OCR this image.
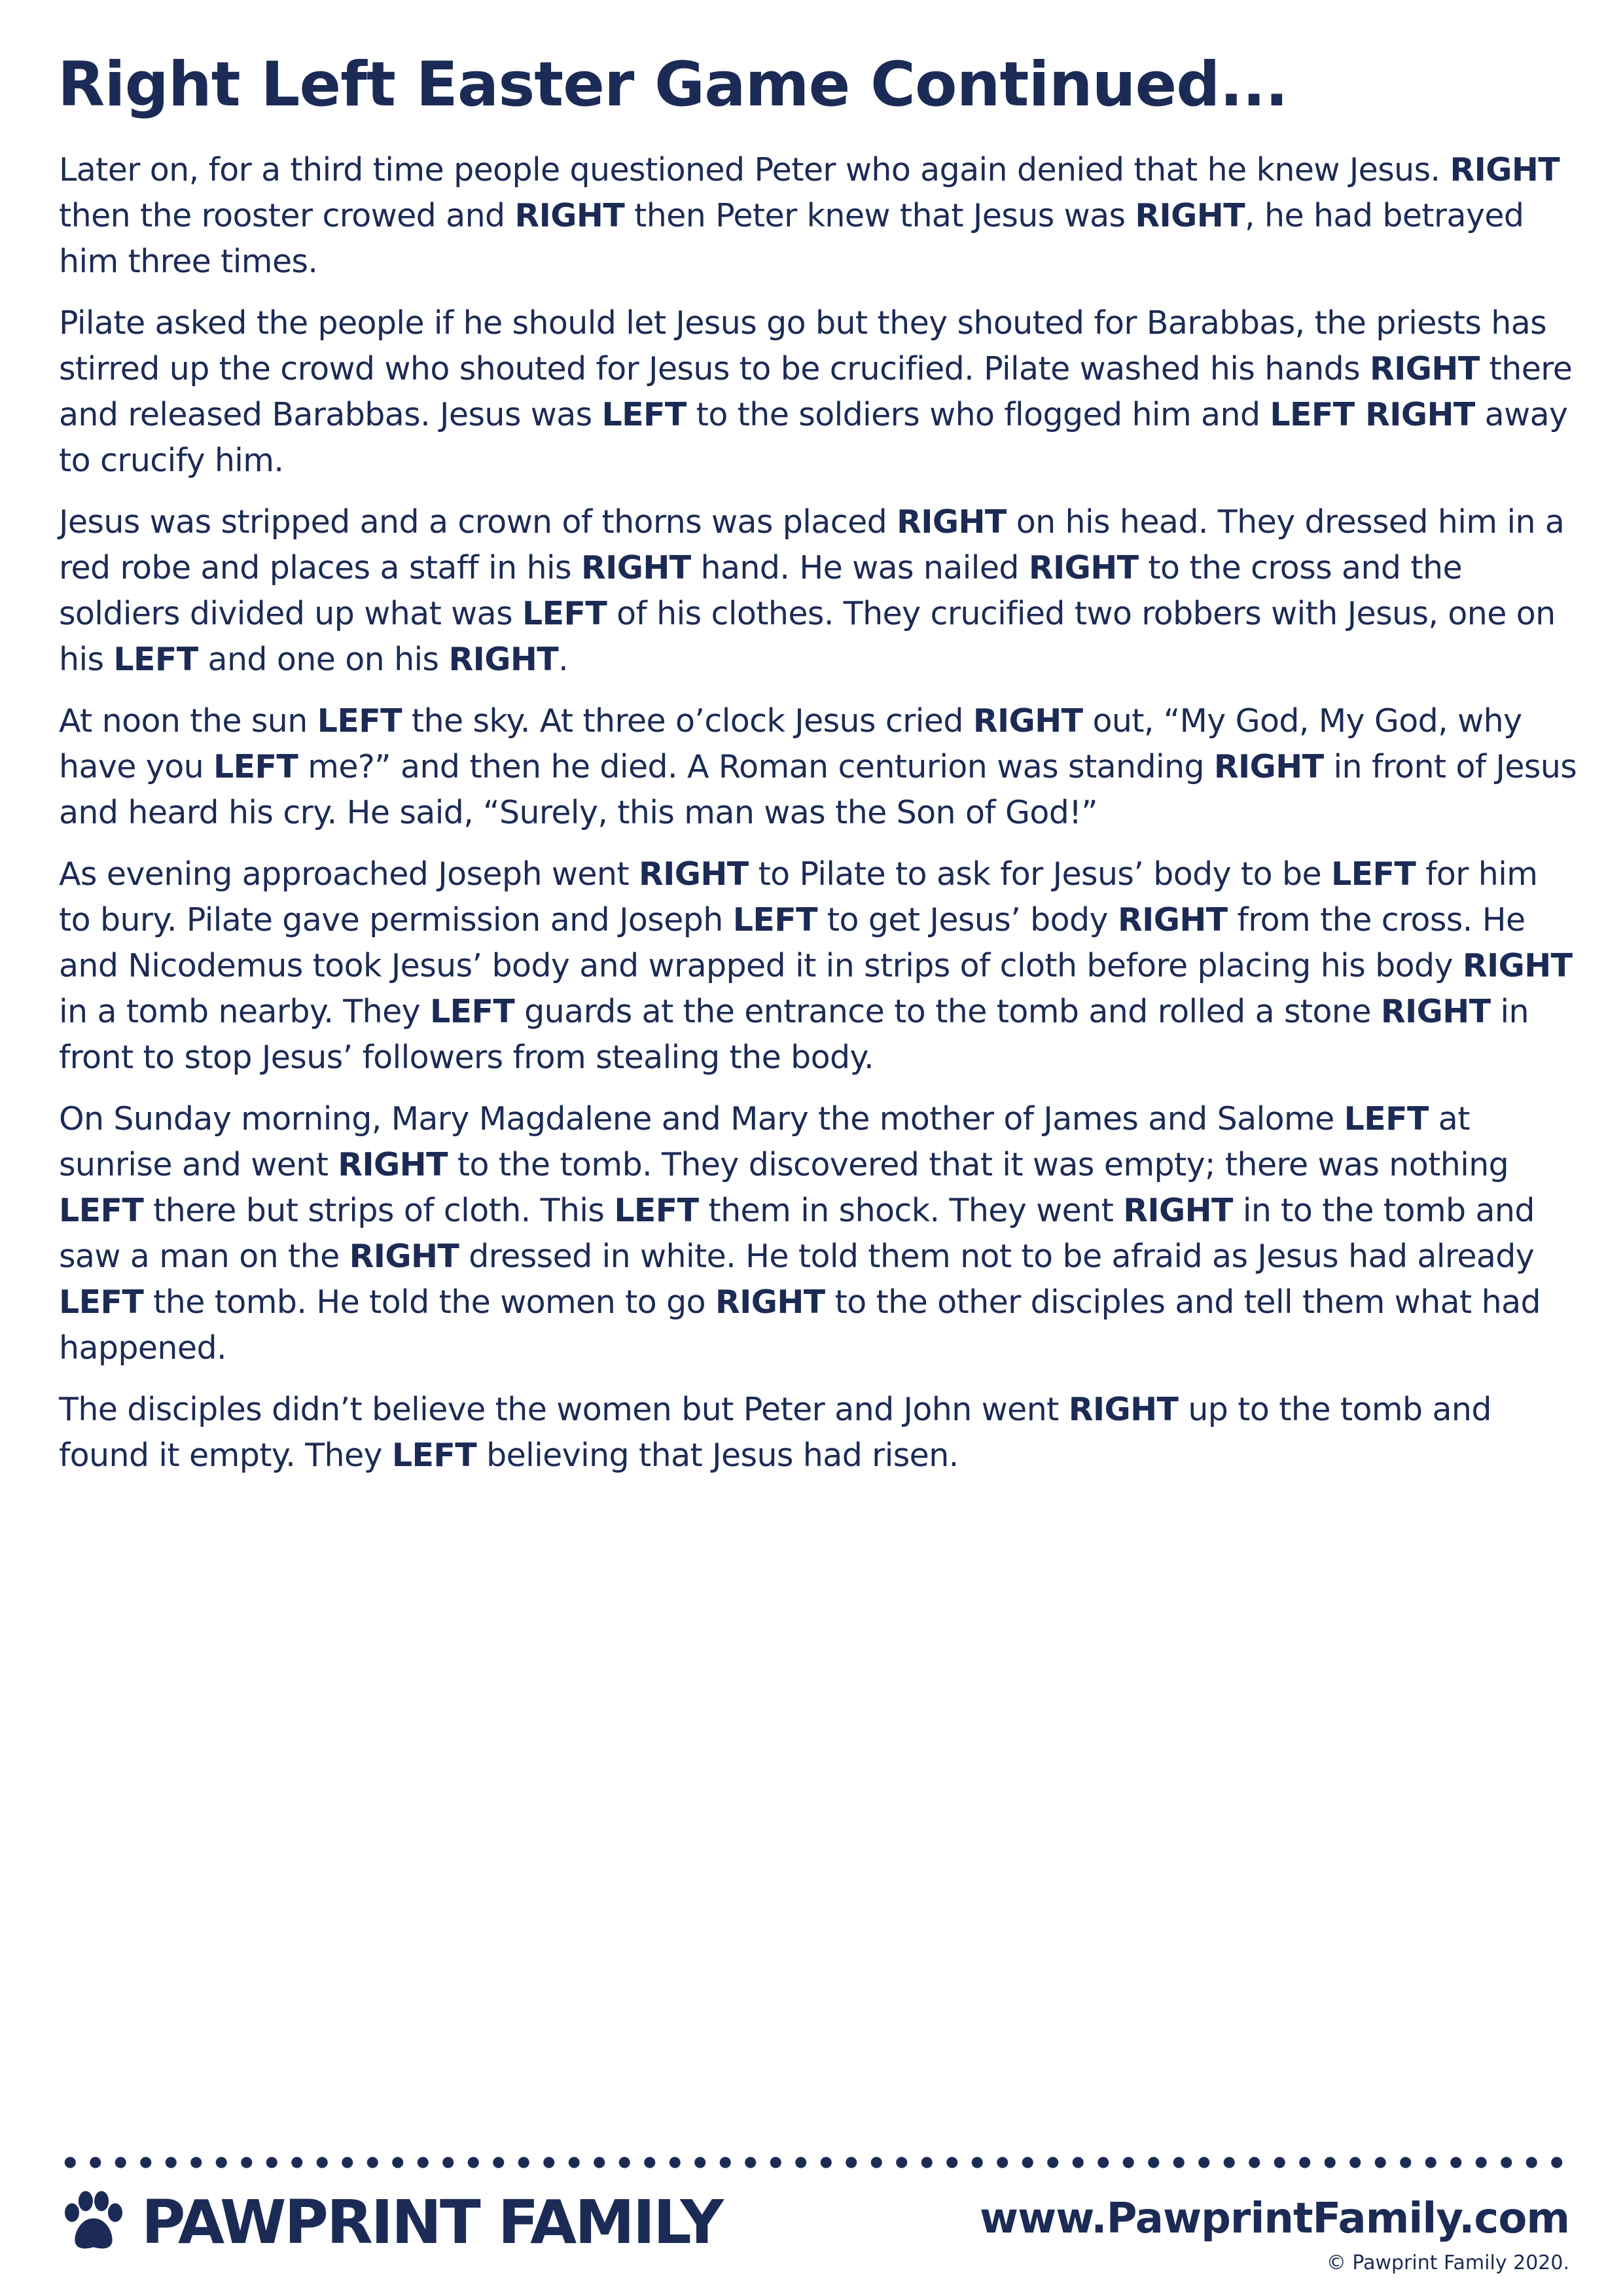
Right Left Easter Game Continued...

Later on, for a third time people questioned Peter who again denied that he knew Jesus. RIGHT then the rooster crowed and RIGHT then Peter knew that Jesus was RIGHT, he had betrayed him three times.

Pilate asked the people if he should let Jesus go but they shouted for Barabbas, the priests has stirred up the crowd who shouted for Jesus to be crucified. Pilate washed his hands RIGHT there and released Barabbas. Jesus was LEFT to the soldiers who flogged him and LEFT RIGHT away to crucify him.

Jesus was stripped and a crown of thorns was placed RIGHT on his head. They dressed him in a red robe and places a staff in his RIGHT hand. He was nailed RIGHT to the cross and the soldiers divided up what was LEFT of his clothes. They crucified two robbers with Jesus, one on his LEFT and one on his RIGHT.

At noon the sun LEFT the sky. At three o’clock Jesus cried RIGHT out, “My God, My God, why have you LEFT me?” and then he died. A Roman centurion was standing RIGHT in front of Jesus and heard his cry. He said, “Surely, this man was the Son of God!”

As evening approached Joseph went RIGHT to Pilate to ask for Jesus’ body to be LEFT for him to bury. Pilate gave permission and Joseph LEFT to get Jesus’ body RIGHT from the cross. He and Nicodemus took Jesus’ body and wrapped it in strips of cloth before placing his body RIGHT in a tomb nearby. They LEFT guards at the entrance to the tomb and rolled a stone RIGHT in front to stop Jesus’ followers from stealing the body.

On Sunday morning, Mary Magdalene and Mary the mother of James and Salome LEFT at sunrise and went RIGHT to the tomb. They discovered that it was empty; there was nothing LEFT there but strips of cloth. This LEFT them in shock. They went RIGHT in to the tomb and saw a man on the RIGHT dressed in white. He told them not to be afraid as Jesus had already LEFT the tomb. He told the women to go RIGHT to the other disciples and tell them what had happened.

The disciples didn’t believe the women but Peter and John went RIGHT up to the tomb and found it empty. They LEFT believing that Jesus had risen.

PAWPRINT FAMILY	www.PawprintFamily.com
© Pawprint Family 2020.
